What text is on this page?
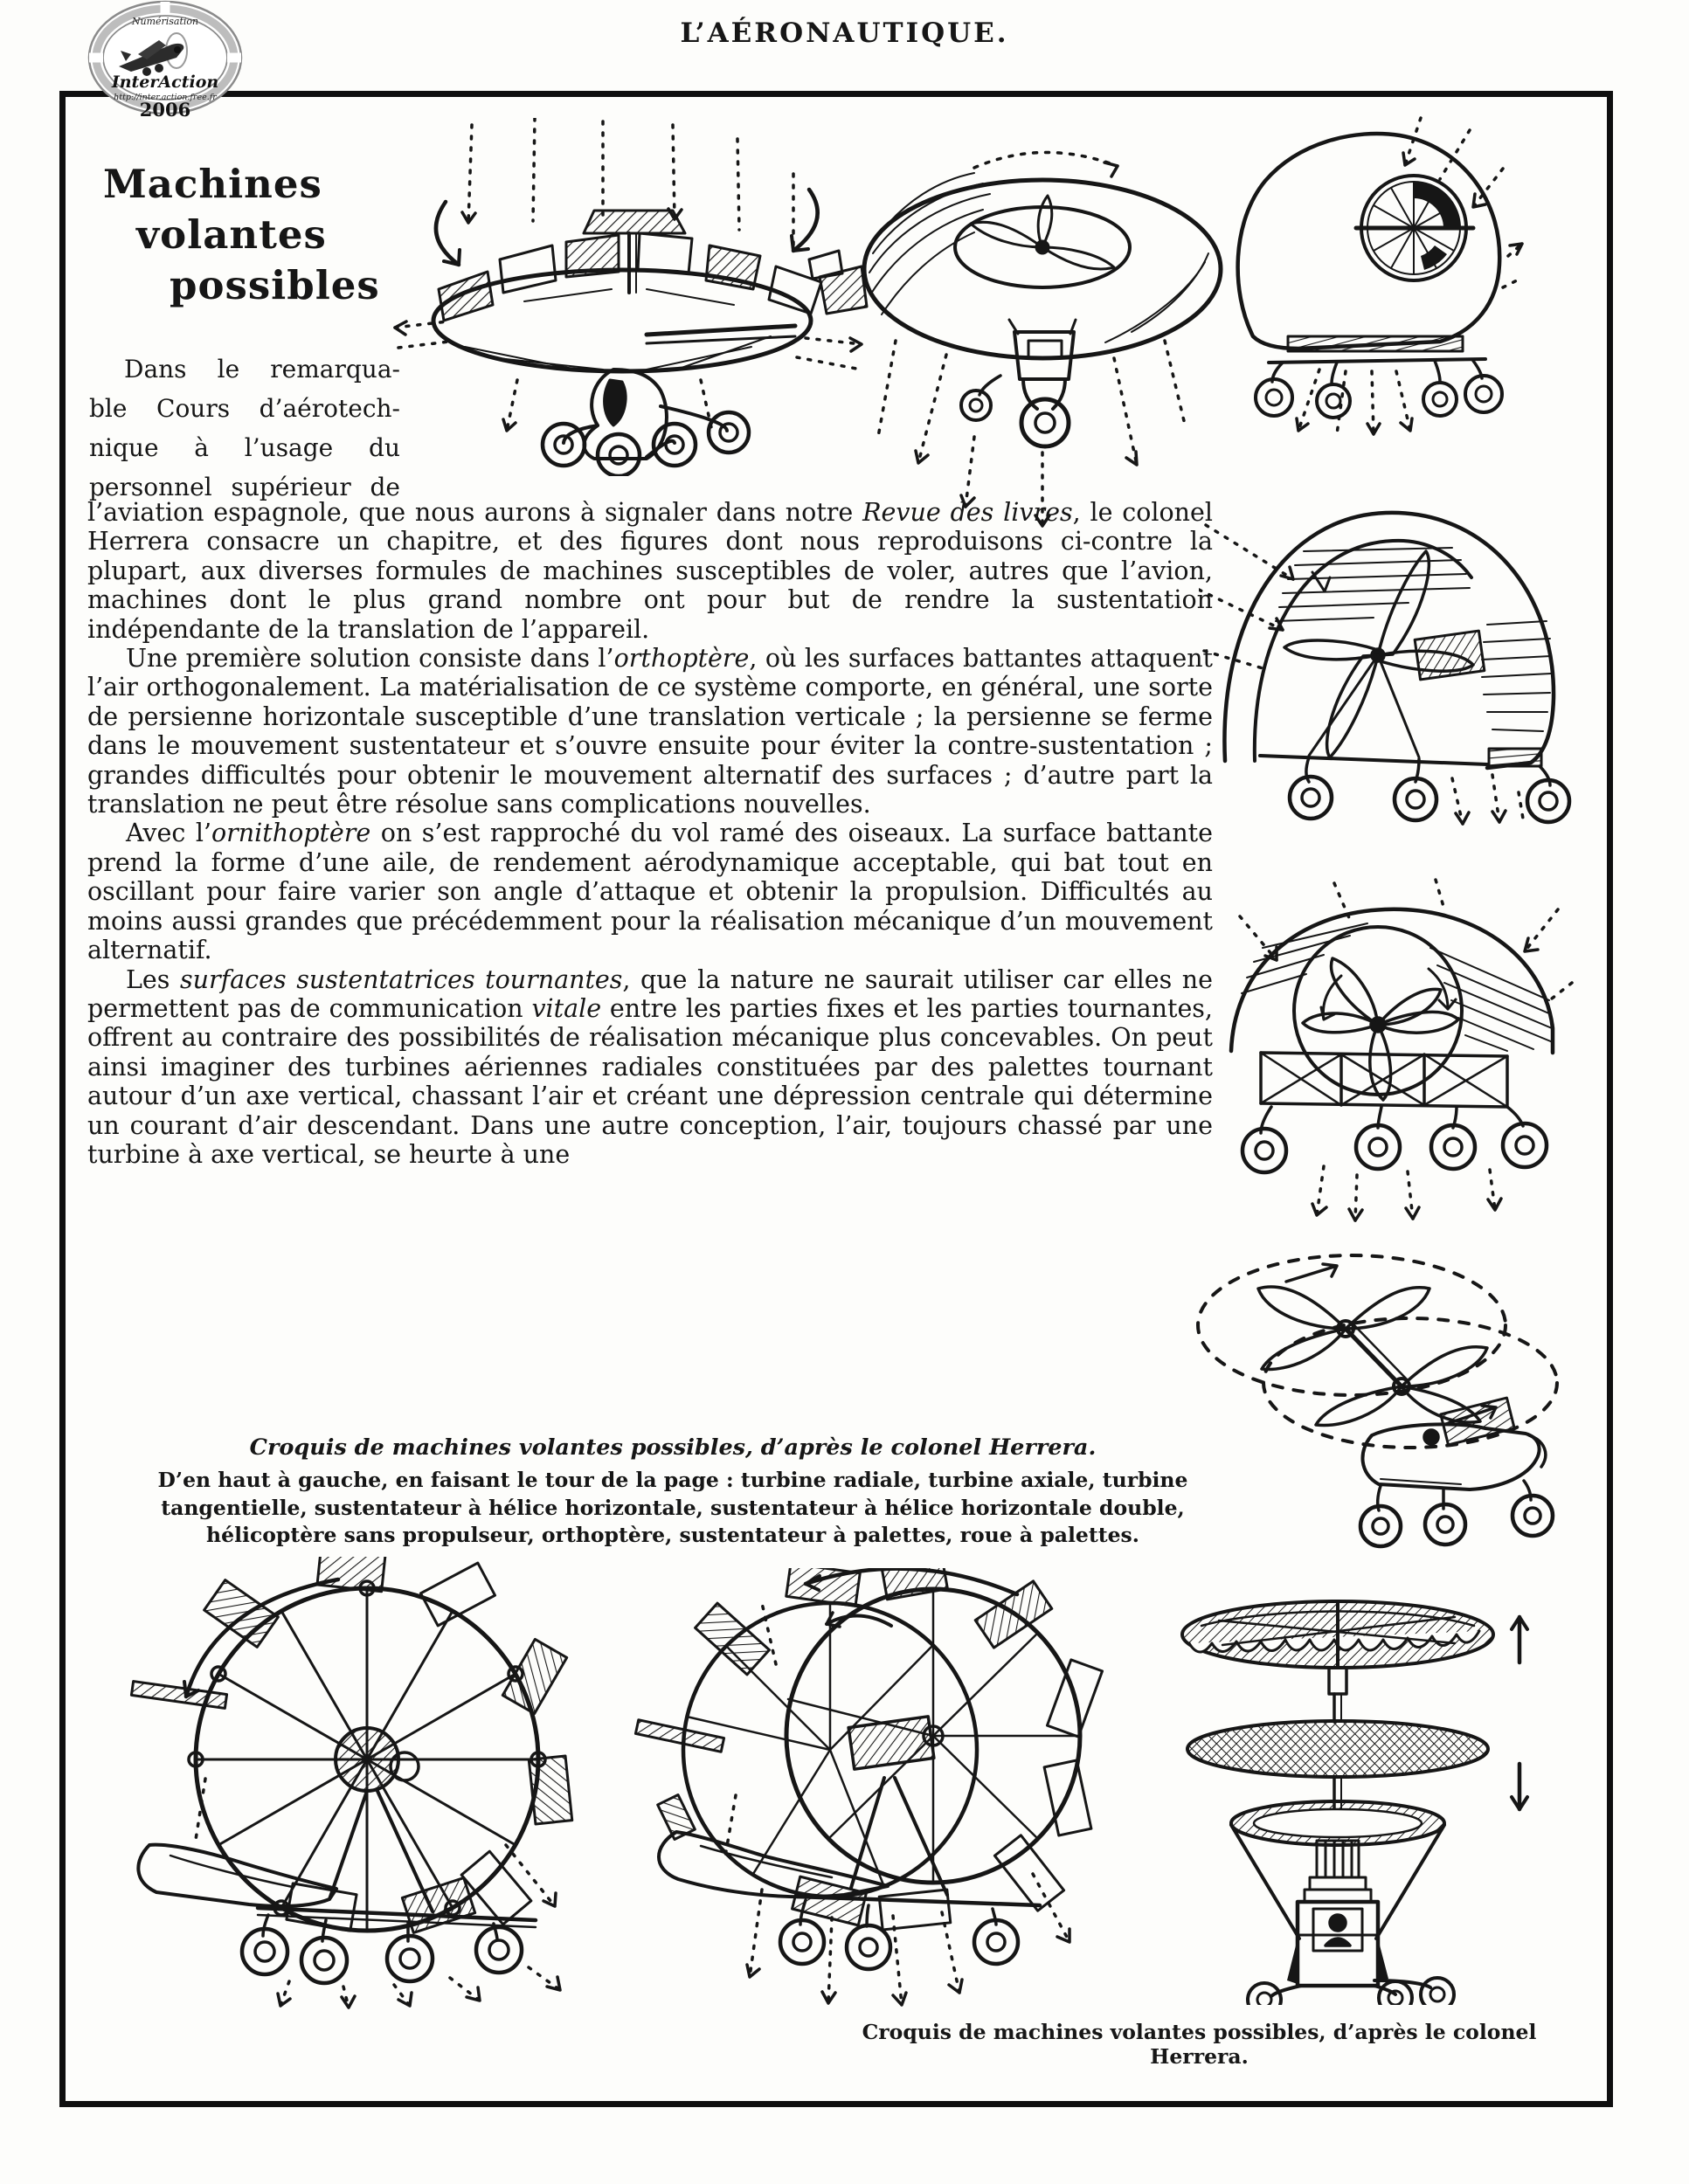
Numérisation
InterAction
http://inter.action.free.fr
2006
L’AÉRONAUTIQUE.
Machines
volantes
possibles
Dans le remarqua-
ble Cours d’aérotech-
nique à l’usage du
personnel supérieur de

l’aviation espagnole, que nous aurons à signaler dans notre Revue des livres, le colonel Herrera consacre un chapitre, et des figures dont nous reproduisons ci-contre la plupart, aux diverses formules de machines susceptibles de voler, autres que l’avion, machines dont le plus grand nombre ont pour but de rendre la sustentation indépendante de la translation de l’appareil.

Une première solution consiste dans l’orthoptère, où les surfaces battantes attaquent l’air orthogonalement. La matérialisation de ce système comporte, en général, une sorte de persienne horizontale susceptible d’une translation verticale ; la persienne se ferme dans le mouvement sustentateur et s’ouvre ensuite pour éviter la contre-sustentation ; grandes difficultés pour obtenir le mouvement alternatif des surfaces ; d’autre part la translation ne peut être résolue sans complications nouvelles.

Avec l’ornithoptère on s’est rapproché du vol ramé des oiseaux. La surface battante prend la forme d’une aile, de rendement aérodynamique acceptable, qui bat tout en oscillant pour faire varier son angle d’attaque et obtenir la propulsion. Difficultés au moins aussi grandes que précédemment pour la réalisation mécanique d’un mouvement alternatif.

Les surfaces sustentatrices tournantes, que la nature ne saurait utiliser car elles ne permettent pas de communication vitale entre les parties fixes et les parties tournantes, offrent au contraire des possibilités de réalisation mécanique plus concevables. On peut ainsi imaginer des turbines aériennes radiales constituées par des palettes tournant autour d’un axe vertical, chassant l’air et créant une dépression centrale qui détermine un courant d’air descendant. Dans une autre conception, l’air, toujours chassé par une turbine à axe vertical, se heurte à une

Croquis de machines volantes possibles, d’après le colonel Herrera.
D’en haut à gauche, en faisant le tour de la page : turbine radiale, turbine axiale, turbine tangentielle, sustentateur à hélice horizontale, sustentateur à hélice horizontale double, hélicoptère sans propulseur, orthoptère, sustentateur à palettes, roue à palettes.
Croquis de machines volantes possibles, d’après le colonel Herrera.
